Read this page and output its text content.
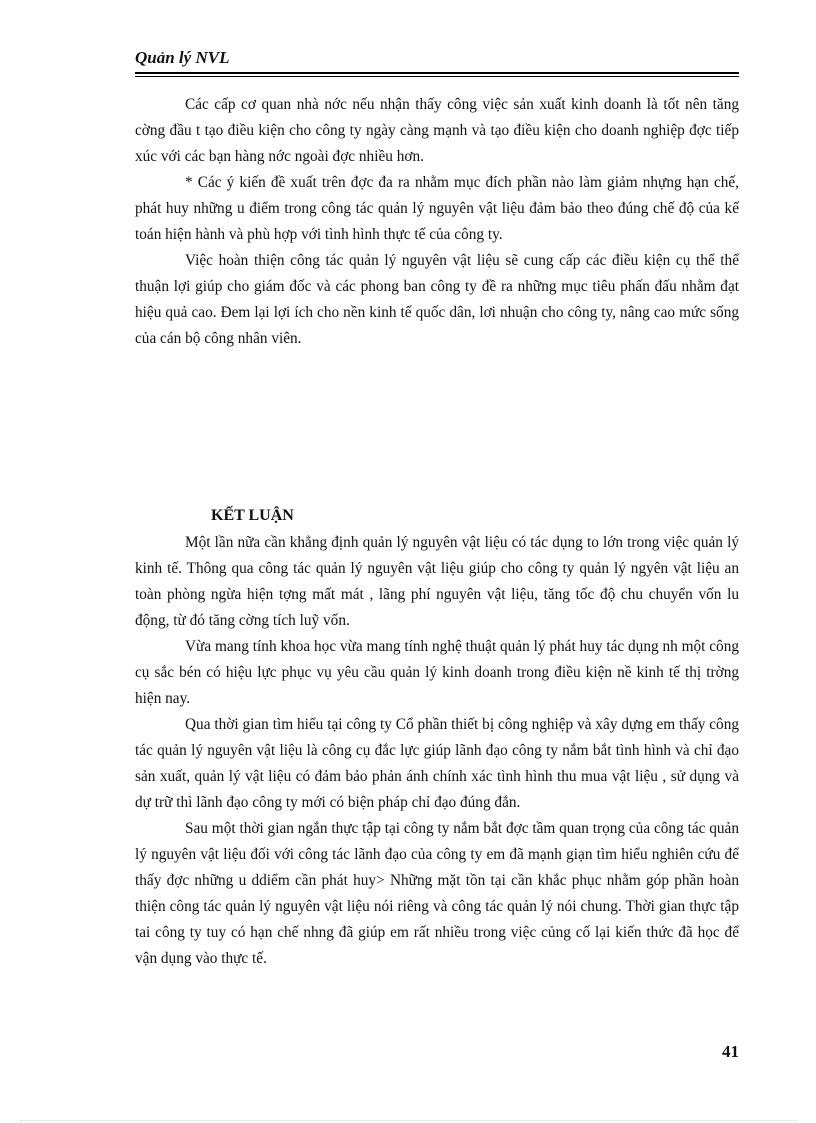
Quản lý NVL

Các cấp cơ quan nhà nớc nếu nhận thấy công việc sản xuất kinh doanh là tốt nên tăng cờng đầu t tạo điều kiện cho công ty ngày càng mạnh và tạo điều kiện cho doanh nghiệp đợc tiếp xúc với các bạn hàng nớc ngoài đợc nhiều hơn.

* Các ý kiến đề xuất trên đợc đa ra nhằm mục đích phần nào làm giảm nhựng hạn chế, phát huy những u điểm trong công tác quản lý nguyên vật liệu đảm bảo theo đúng chế độ của kế toán hiện hành và phù hợp với tình hình thực tế của công ty.

Việc hoàn thiện công tác quản lý nguyên vật liệu sẽ cung cấp các điều kiện cụ thể thể thuận lợi giúp cho giám đốc và các phong ban công ty đề ra những mục tiêu phấn đấu nhằm đạt hiệu quả cao. Đem lại lợi ích cho nền kinh tế quốc dân, lơi nhuận cho công ty, nâng cao mức sống của cán bộ công nhân viên.

KẾT LUẬN

Một lần nữa cần khẳng định quản lý nguyên vật liệu có tác dụng to lớn trong việc quản lý kinh tế. Thông qua công tác quản lý nguyên vật liệu giúp cho công ty quản lý ngyên vật liệu an toàn phòng ngừa hiện tợng mất mát , lãng phí nguyên vật liệu, tăng tốc độ chu chuyển vốn lu động, từ đó tăng cờng tích luỹ vốn.

Vừa mang tính khoa học vừa mang tính nghệ thuật quản lý phát huy tác dụng nh một công cụ sắc bén có hiệu lực phục vụ yêu cầu quản lý kinh doanh trong điều kiện nề kinh tế thị trờng hiện nay.

Qua thời gian tìm hiểu tại công ty Cổ phần thiết bị công nghiệp và xây dựng em thấy công tác quản lý nguyên vật liệu là công cụ đắc lực giúp lãnh đạo công ty nắm bắt tình hình và chỉ đạo sản xuất, quản lý vật liệu có đảm bảo phản ánh chính xác tình hình thu mua vật liệu , sử dụng và dự trữ thì lãnh đạo công ty mới có biện pháp chỉ đạo đúng đắn.

Sau một thời gian ngắn thực tập tại công ty nắm bắt đợc tầm quan trọng của công tác quản lý nguyên vật liệu đối với công tác lãnh đạo của công ty em đã mạnh giạn tìm hiểu nghiên cứu để thấy đợc những u ddiểm cần phát huy> Những mặt tồn tại cần khắc phục nhằm góp phần hoàn thiện công tác quản lý nguyên vật liệu nói riêng và công tác quản lý nói chung. Thời gian thực tập tai công ty tuy có hạn chế nhng đã giúp em rất nhiều trong việc củng cố lại kiến thức đã học để vận dụng vào thực tế.

41
